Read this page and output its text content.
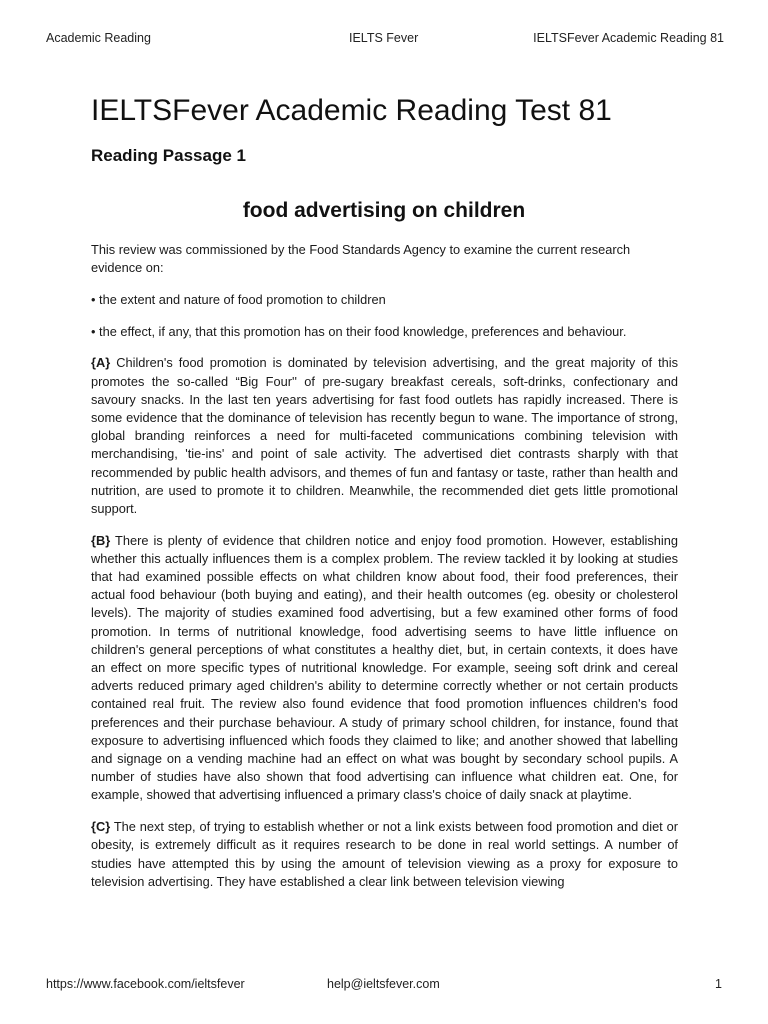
Academic Reading	IELTS Fever	IELTSFever Academic Reading 81
IELTSFever Academic Reading Test 81
Reading Passage 1
food advertising on children

This review was commissioned by the Food Standards Agency to examine the current research evidence on:

• the extent and nature of food promotion to children

• the effect, if any, that this promotion has on their food knowledge, preferences and behaviour.

{A} Children's food promotion is dominated by television advertising, and the great majority of this promotes the so-called “Big Four'' of pre-sugary breakfast cereals, soft-drinks, confectionary and savoury snacks. In the last ten years advertising for fast food outlets has rapidly increased. There is some evidence that the dominance of television has recently begun to wane. The importance of strong, global branding reinforces a need for multi-faceted communications combining television with merchandising, 'tie-ins' and point of sale activity. The advertised diet contrasts sharply with that recommended by public health advisors, and themes of fun and fantasy or taste, rather than health and nutrition, are used to promote it to children. Meanwhile, the recommended diet gets little promotional support.

{B} There is plenty of evidence that children notice and enjoy food promotion. However, establishing whether this actually influences them is a complex problem. The review tackled it by looking at studies that had examined possible effects on what children know about food, their food preferences, their actual food behaviour (both buying and eating), and their health outcomes (eg. obesity or cholesterol levels). The majority of studies examined food advertising, but a few examined other forms of food promotion. In terms of nutritional knowledge, food advertising seems to have little influence on children's general perceptions of what constitutes a healthy diet, but, in certain contexts, it does have an effect on more specific types of nutritional knowledge. For example, seeing soft drink and cereal adverts reduced primary aged children's ability to determine correctly whether or not certain products contained real fruit. The review also found evidence that food promotion influences children's food preferences and their purchase behaviour. A study of primary school children, for instance, found that exposure to advertising influenced which foods they claimed to like; and another showed that labelling and signage on a vending machine had an effect on what was bought by secondary school pupils. A number of studies have also shown that food advertising can influence what children eat. One, for example, showed that advertising influenced a primary class's choice of daily snack at playtime.

{C} The next step, of trying to establish whether or not a link exists between food promotion and diet or obesity, is extremely difficult as it requires research to be done in real world settings. A number of studies have attempted this by using the amount of television viewing as a proxy for exposure to television advertising. They have established a clear link between television viewing

https://www.facebook.com/ieltsfever	help@ieltsfever.com	1
